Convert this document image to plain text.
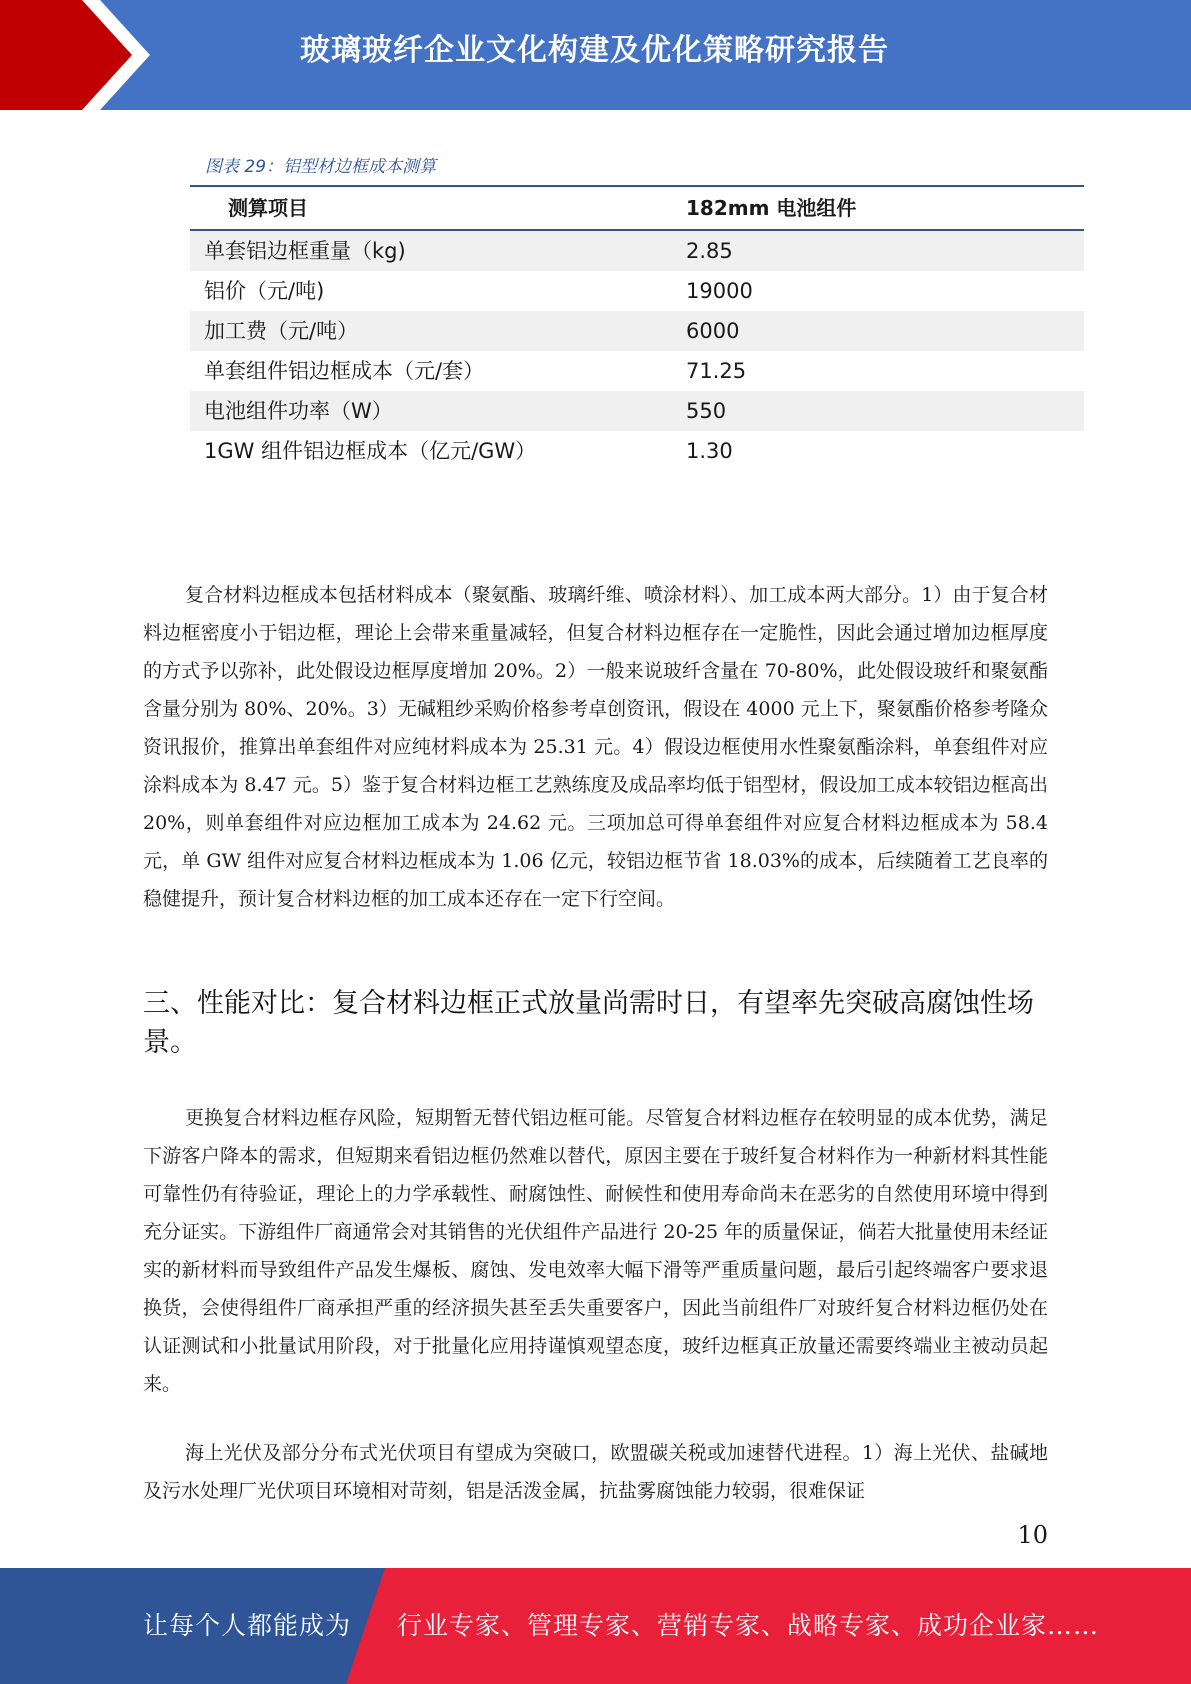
玻璃玻纤企业文化构建及优化策略研究报告
图表 29：铝型材边框成本测算
测算项目	182mm 电池组件
单套铝边框重量（kg)	2.85
铝价（元/吨)	19000
加工费（元/吨）	6000
单套组件铝边框成本（元/套）	71.25
电池组件功率（W）	550
1GW 组件铝边框成本（亿元/GW）	1.30
复合材料边框成本包括材料成本（聚氨酯、玻璃纤维、喷涂材料）、加工成本两大部分。1）由于复合材料边框密度小于铝边框，理论上会带来重量减轻，但复合材料边框存在一定脆性，因此会通过增加边框厚度的方式予以弥补，此处假设边框厚度增加 20%。2）一般来说玻纤含量在 70-80%，此处假设玻纤和聚氨酯含量分别为 80%、20%。3）无碱粗纱采购价格参考卓创资讯，假设在 4000 元上下，聚氨酯价格参考隆众资讯报价，推算出单套组件对应纯材料成本为 25.31 元。4）假设边框使用水性聚氨酯涂料，单套组件对应涂料成本为 8.47 元。5）鉴于复合材料边框工艺熟练度及成品率均低于铝型材，假设加工成本较铝边框高出 20%，则单套组件对应边框加工成本为 24.62 元。三项加总可得单套组件对应复合材料边框成本为 58.4 元，单 GW 组件对应复合材料边框成本为 1.06 亿元，较铝边框节省 18.03%的成本，后续随着工艺良率的稳健提升，预计复合材料边框的加工成本还存在一定下行空间。
三、性能对比：复合材料边框正式放量尚需时日，有望率先突破高腐蚀性场景。
更换复合材料边框存风险，短期暂无替代铝边框可能。尽管复合材料边框存在较明显的成本优势，满足下游客户降本的需求，但短期来看铝边框仍然难以替代，原因主要在于玻纤复合材料作为一种新材料其性能可靠性仍有待验证，理论上的力学承载性、耐腐蚀性、耐候性和使用寿命尚未在恶劣的自然使用环境中得到充分证实。下游组件厂商通常会对其销售的光伏组件产品进行 20-25 年的质量保证，倘若大批量使用未经证实的新材料而导致组件产品发生爆板、腐蚀、发电效率大幅下滑等严重质量问题，最后引起终端客户要求退换货，会使得组件厂商承担严重的经济损失甚至丢失重要客户，因此当前组件厂对玻纤复合材料边框仍处在认证测试和小批量试用阶段，对于批量化应用持谨慎观望态度，玻纤边框真正放量还需要终端业主被动员起来。
海上光伏及部分分布式光伏项目有望成为突破口，欧盟碳关税或加速替代进程。1）海上光伏、盐碱地及污水处理厂光伏项目环境相对苛刻，铝是活泼金属，抗盐雾腐蚀能力较弱，很难保证
10
让每个人都能成为 行业专家、管理专家、营销专家、战略专家、成功企业家……
